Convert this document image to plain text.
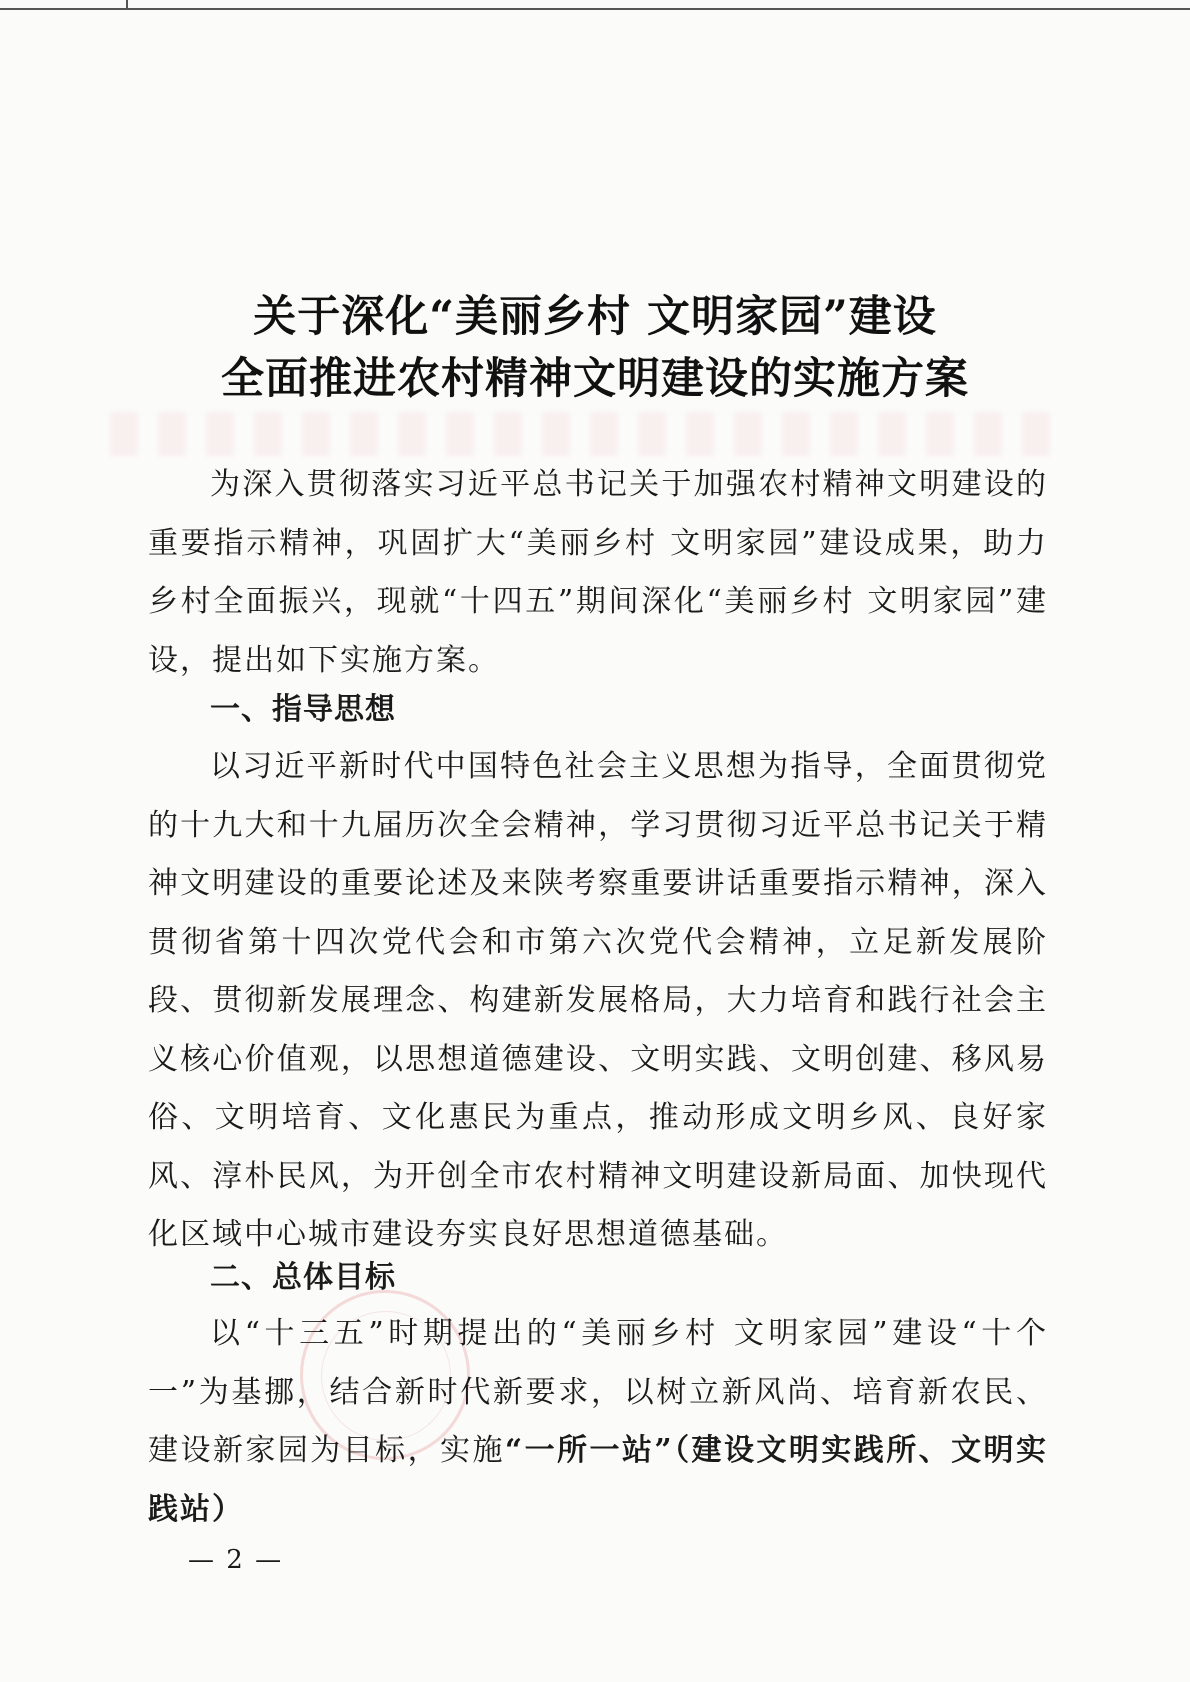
关于深化“美丽乡村 文明家园”建设
全面推进农村精神文明建设的实施方案

为深入贯彻落实习近平总书记关于加强农村精神文明建设的重要指示精神，巩固扩大“美丽乡村 文明家园”建设成果，助力乡村全面振兴，现就“十四五”期间深化“美丽乡村 文明家园”建设，提出如下实施方案。

一、指导思想

以习近平新时代中国特色社会主义思想为指导，全面贯彻党的十九大和十九届历次全会精神，学习贯彻习近平总书记关于精神文明建设的重要论述及来陕考察重要讲话重要指示精神，深入贯彻省第十四次党代会和市第六次党代会精神，立足新发展阶段、贯彻新发展理念、构建新发展格局，大力培育和践行社会主义核心价值观，以思想道德建设、文明实践、文明创建、移风易俗、文明培育、文化惠民为重点，推动形成文明乡风、良好家风、淳朴民风，为开创全市农村精神文明建设新局面、加快现代化区域中心城市建设夯实良好思想道德基础。

二、总体目标

以“十三五”时期提出的“美丽乡村 文明家园”建设“十个一”为基挪，结合新时代新要求，以树立新风尚、培育新农民、建设新家园为目标，实施“一所一站”（建设文明实践所、文明实践站）

— 2 —
